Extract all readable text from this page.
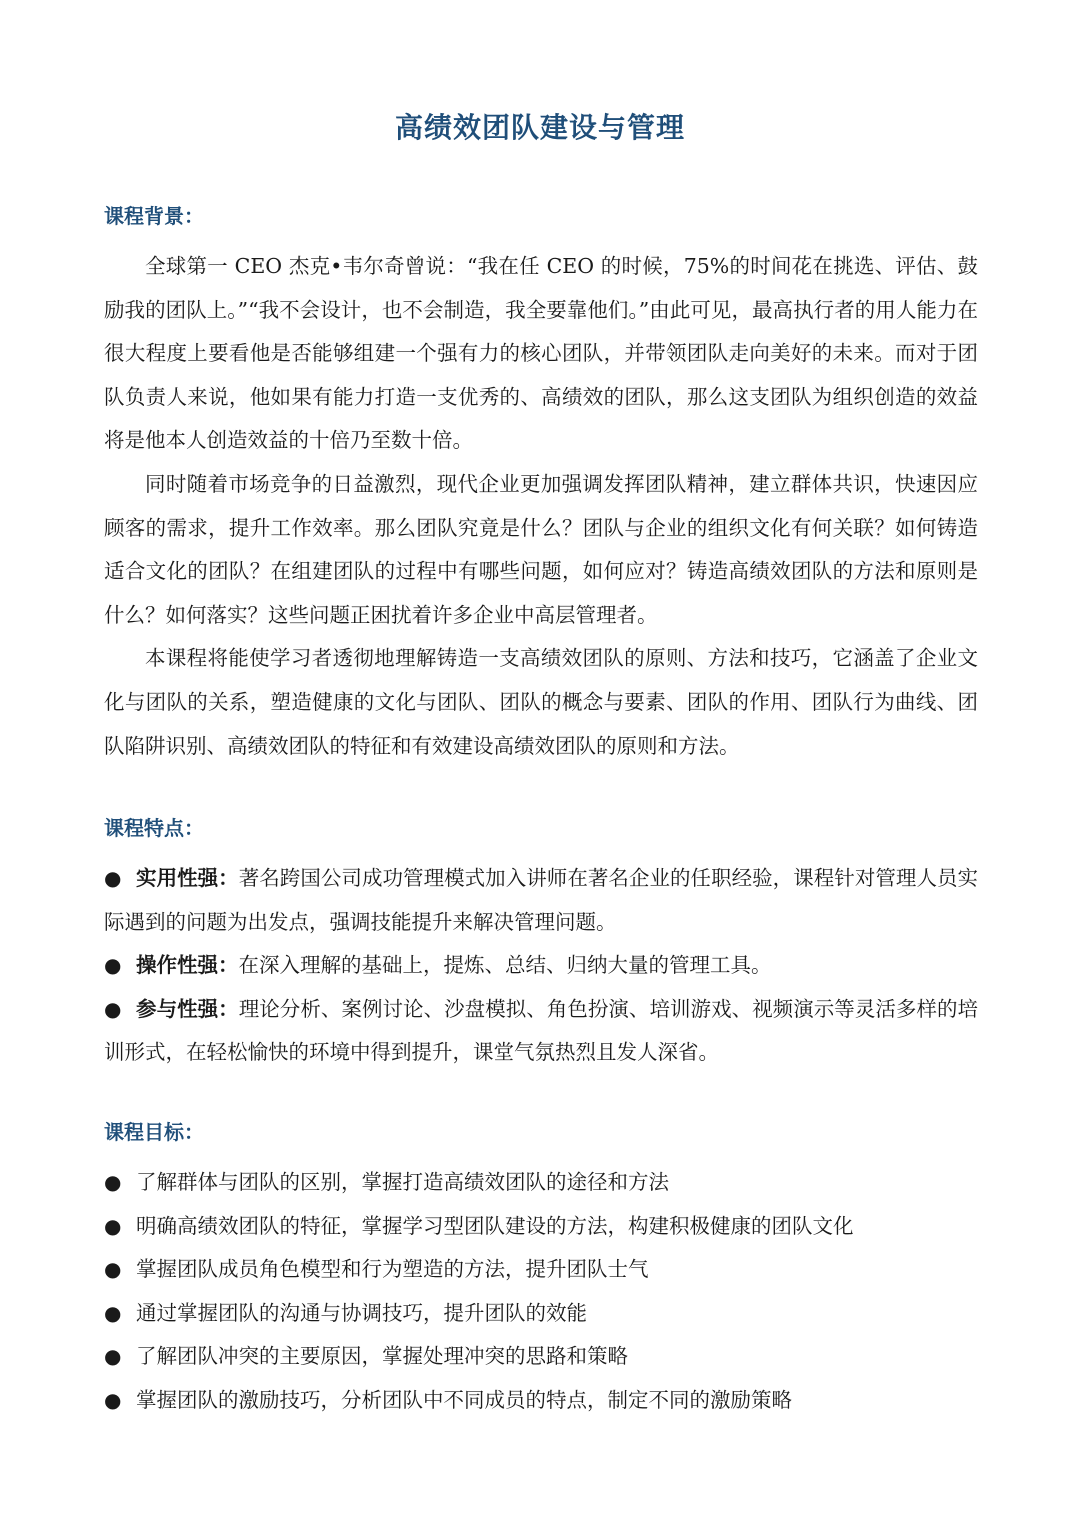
高绩效团队建设与管理
课程背景：

全球第一 CEO 杰克•韦尔奇曾说：“我在任 CEO 的时候，75%的时间花在挑选、评估、鼓励我的团队上。”“我不会设计，也不会制造，我全要靠他们。”由此可见，最高执行者的用人能力在很大程度上要看他是否能够组建一个强有力的核心团队，并带领团队走向美好的未来。而对于团队负责人来说，他如果有能力打造一支优秀的、高绩效的团队，那么这支团队为组织创造的效益将是他本人创造效益的十倍乃至数十倍。

同时随着市场竞争的日益激烈，现代企业更加强调发挥团队精神，建立群体共识，快速因应顾客的需求，提升工作效率。那么团队究竟是什么？团队与企业的组织文化有何关联？如何铸造适合文化的团队？在组建团队的过程中有哪些问题，如何应对？铸造高绩效团队的方法和原则是什么？如何落实？这些问题正困扰着许多企业中高层管理者。

本课程将能使学习者透彻地理解铸造一支高绩效团队的原则、方法和技巧，它涵盖了企业文化与团队的关系，塑造健康的文化与团队、团队的概念与要素、团队的作用、团队行为曲线、团队陷阱识别、高绩效团队的特征和有效建设高绩效团队的原则和方法。

课程特点：

● 实用性强：著名跨国公司成功管理模式加入讲师在著名企业的任职经验，课程针对管理人员实际遇到的问题为出发点，强调技能提升来解决管理问题。

● 操作性强：在深入理解的基础上，提炼、总结、归纳大量的管理工具。

● 参与性强：理论分析、案例讨论、沙盘模拟、角色扮演、培训游戏、视频演示等灵活多样的培训形式，在轻松愉快的环境中得到提升，课堂气氛热烈且发人深省。

课程目标：

● 了解群体与团队的区别，掌握打造高绩效团队的途径和方法

● 明确高绩效团队的特征，掌握学习型团队建设的方法，构建积极健康的团队文化

● 掌握团队成员角色模型和行为塑造的方法，提升团队士气

● 通过掌握团队的沟通与协调技巧，提升团队的效能

● 了解团队冲突的主要原因，掌握处理冲突的思路和策略

● 掌握团队的激励技巧，分析团队中不同成员的特点，制定不同的激励策略
